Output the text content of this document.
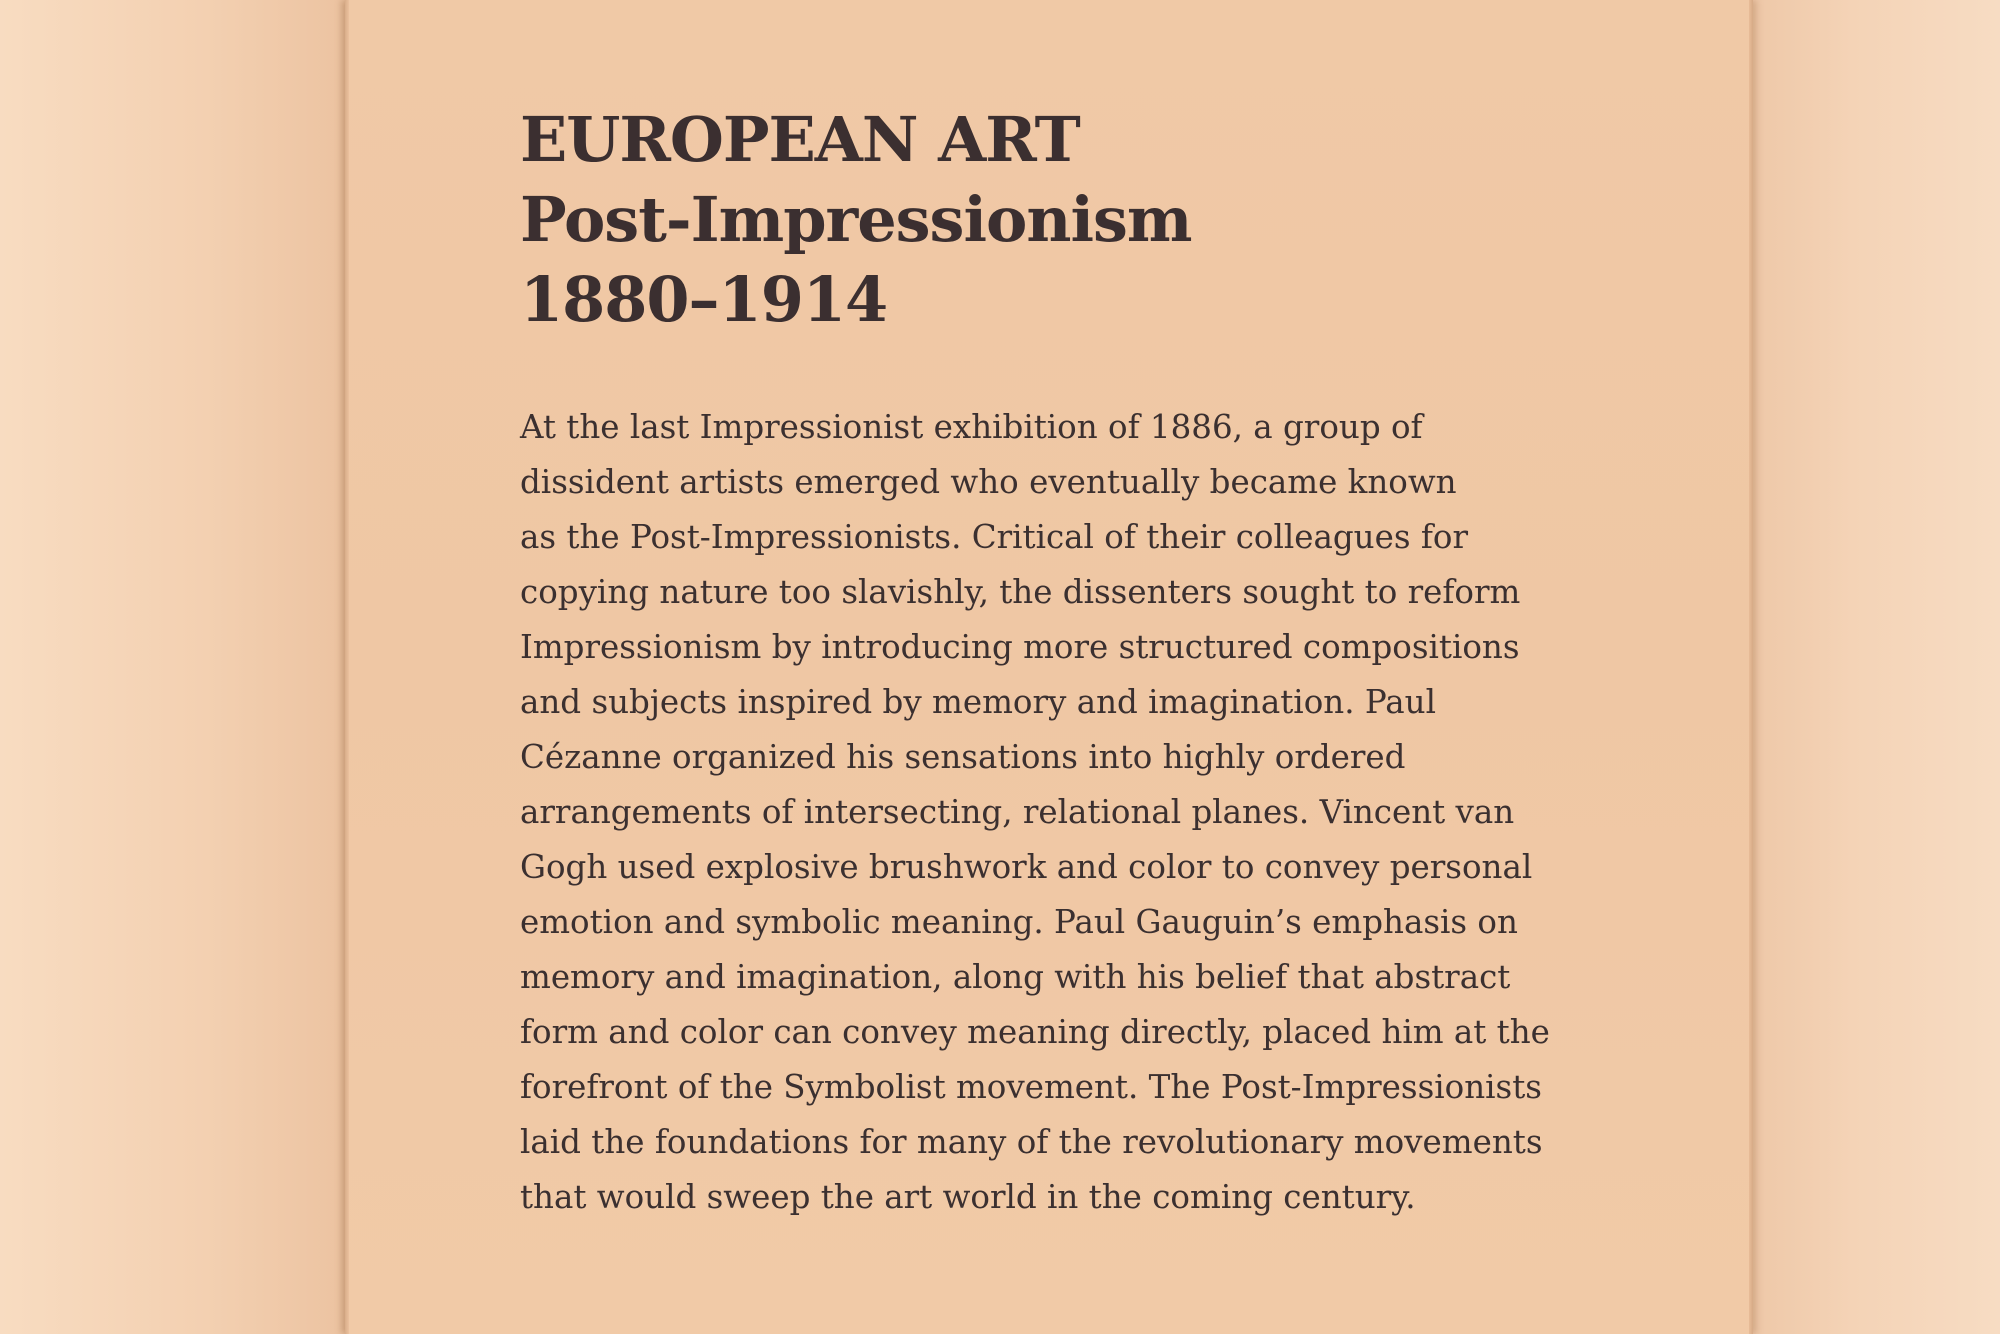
EUROPEAN ART
Post-Impressionism
1880–1914
At the last Impressionist exhibition of 1886, a group of
dissident artists emerged who eventually became known
as the Post-Impressionists. Critical of their colleagues for
copying nature too slavishly, the dissenters sought to reform
Impressionism by introducing more structured compositions
and subjects inspired by memory and imagination. Paul
Cézanne organized his sensations into highly ordered
arrangements of intersecting, relational planes. Vincent van
Gogh used explosive brushwork and color to convey personal
emotion and symbolic meaning. Paul Gauguin’s emphasis on
memory and imagination, along with his belief that abstract
form and color can convey meaning directly, placed him at the
forefront of the Symbolist movement. The Post-Impressionists
laid the foundations for many of the revolutionary movements
that would sweep the art world in the coming century.
